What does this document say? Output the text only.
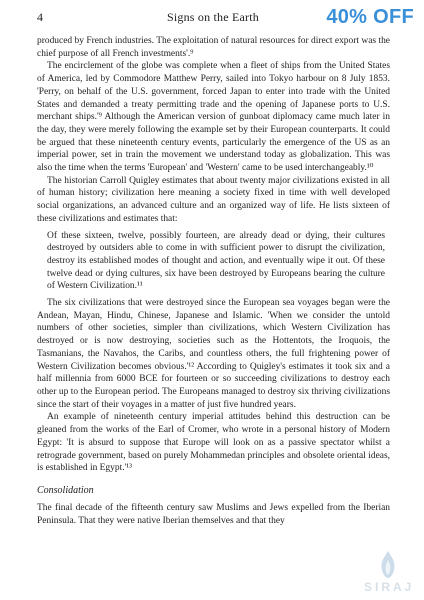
4	Signs on the Earth	40% OFF

produced by French industries. The exploitation of natural resources for direct export was the chief purpose of all French investments'.⁹

The encirclement of the globe was complete when a fleet of ships from the United States of America, led by Commodore Matthew Perry, sailed into Tokyo harbour on 8 July 1853. 'Perry, on behalf of the U.S. government, forced Japan to enter into trade with the United States and demanded a treaty permitting trade and the opening of Japanese ports to U.S. merchant ships.'⁹ Although the American version of gunboat diplomacy came much later in the day, they were merely following the example set by their European counterparts. It could be argued that these nineteenth century events, particularly the emergence of the US as an imperial power, set in train the movement we understand today as globalization. This was also the time when the terms 'European' and 'Western' came to be used interchangeably.¹⁰

The historian Carroll Quigley estimates that about twenty major civilizations existed in all of human history; civilization here meaning a society fixed in time with well developed social organizations, an advanced culture and an organized way of life. He lists sixteen of these civilizations and estimates that:

Of these sixteen, twelve, possibly fourteen, are already dead or dying, their cultures destroyed by outsiders able to come in with sufficient power to disrupt the civilization, destroy its established modes of thought and action, and eventually wipe it out. Of these twelve dead or dying cultures, six have been destroyed by Europeans bearing the culture of Western Civilization.¹¹

The six civilizations that were destroyed since the European sea voyages began were the Andean, Mayan, Hindu, Chinese, Japanese and Islamic. 'When we consider the untold numbers of other societies, simpler than civilizations, which Western Civilization has destroyed or is now destroying, societies such as the Hottentots, the Iroquois, the Tasmanians, the Navahos, the Caribs, and countless others, the full frightening power of Western Civilization becomes obvious.'¹² According to Quigley's estimates it took six and a half millennia from 6000 BCE for fourteen or so succeeding civilizations to destroy each other up to the European period. The Europeans managed to destroy six thriving civilizations since the start of their voyages in a matter of just five hundred years.

An example of nineteenth century imperial attitudes behind this destruction can be gleaned from the works of the Earl of Cromer, who wrote in a personal history of Modern Egypt: 'It is absurd to suppose that Europe will look on as a passive spectator whilst a retrograde government, based on purely Mohammedan principles and obsolete oriental ideas, is established in Egypt.'¹³

Consolidation

The final decade of the fifteenth century saw Muslims and Jews expelled from the Iberian Peninsula. That they were native Iberian themselves and that they

SIRAJ
